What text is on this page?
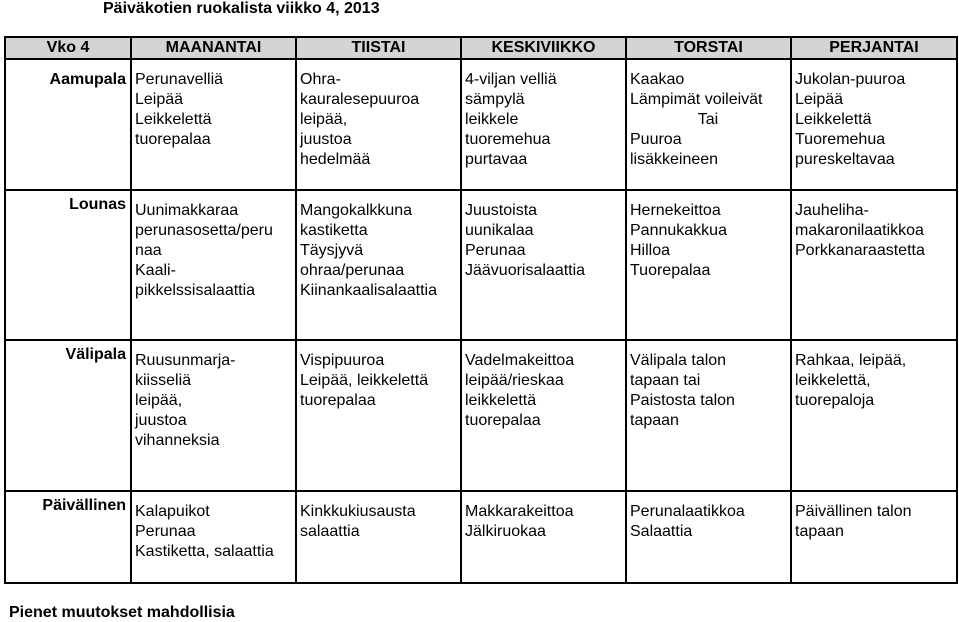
Päiväkotien ruokalista viikko 4, 2013
Vko 4	MAANANTAI	TIISTAI	KESKIVIIKKO	TORSTAI	PERJANTAI
Aamupala	Perunavelliä
Leipää
Leikkelettä
tuorepalaa	Ohra-
kauralesepuuroa
leipää,
juustoa
hedelmää	4-viljan velliä
sämpylä
leikkele
tuoremehua
purtavaa	Kaakao
Lämpimät voileivät
Tai
Puuroa
lisäkkeineen	Jukolan-puuroa
Leipää
Leikkelettä
Tuoremehua
pureskeltavaa

Lounas	Uunimakkaraa
perunasosetta/peru
naa
Kaali-
pikkelssisalaattia	Mangokalkkuna
kastiketta
Täysjyvä
ohraa/perunaa
Kiinankaalisalaattia	Juustoista
uunikalaa
Perunaa
Jäävuorisalaattia	Hernekeittoa
Pannukakkua
Hilloa
Tuorepalaa	Jauheliha-
makaronilaatikkoa
Porkkanaraastetta

Välipala	Ruusunmarja-
kiisseliä
leipää,
juustoa
vihanneksia	Vispipuuroa
Leipää, leikkelettä
tuorepalaa	Vadelmakeittoa
leipää/rieskaa
leikkelettä
tuorepalaa	Välipala talon
tapaan tai
Paistosta talon
tapaan	Rahkaa, leipää,
leikkelettä,
tuorepaloja

Päivällinen	Kalapuikot
Perunaa
Kastiketta, salaattia	Kinkkukiusausta
salaattia	Makkarakeittoa
Jälkiruokaa	Perunalaatikkoa
Salaattia	Päivällinen talon
tapaan
Pienet muutokset mahdollisia
